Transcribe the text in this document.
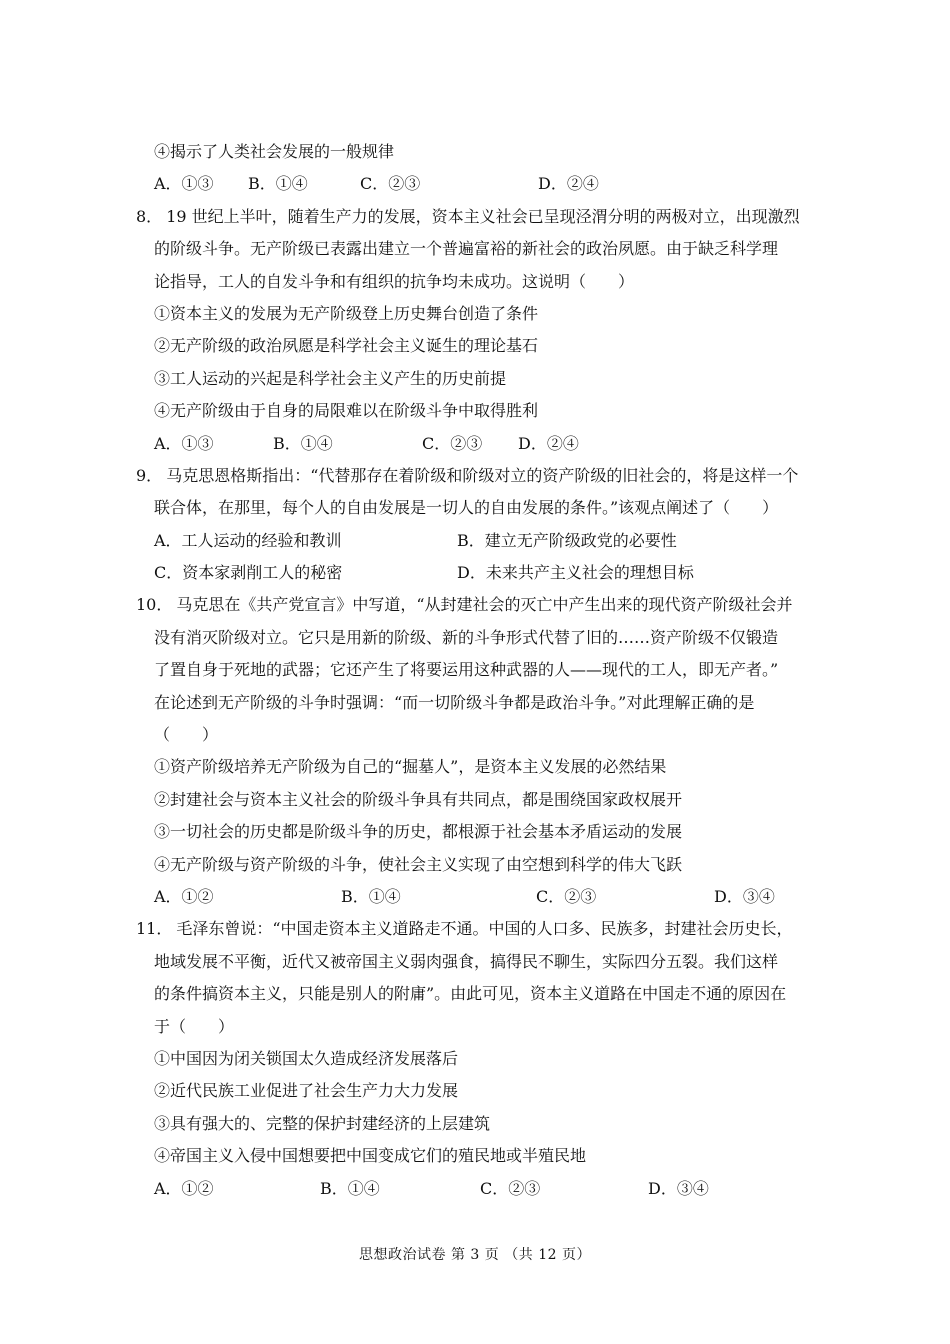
④揭示了人类社会发展的一般规律
A．①③ B．①④	C．②③	D．②④
8． 19 世纪上半叶，随着生产力的发展，资本主义社会已呈现泾渭分明的两极对立，出现激烈
的阶级斗争。无产阶级已表露出建立一个普遍富裕的新社会的政治夙愿。由于缺乏科学理
论指导，工人的自发斗争和有组织的抗争均未成功。这说明（　　）
①资本主义的发展为无产阶级登上历史舞台创造了条件
②无产阶级的政治夙愿是科学社会主义诞生的理论基石
③工人运动的兴起是科学社会主义产生的历史前提
④无产阶级由于自身的局限难以在阶级斗争中取得胜利
A．①③	B．①④	C．②③ D．②④
9． 马克思恩格斯指出：“代替那存在着阶级和阶级对立的资产阶级的旧社会的，将是这样一个
联合体，在那里，每个人的自由发展是一切人的自由发展的条件。”该观点阐述了（　　）
A．工人运动的经验和教训	B．建立无产阶级政党的必要性
C．资本家剥削工人的秘密	D．未来共产主义社会的理想目标
10． 马克思在《共产党宣言》中写道，“从封建社会的灭亡中产生出来的现代资产阶级社会并
没有消灭阶级对立。它只是用新的阶级、新的斗争形式代替了旧的……资产阶级不仅锻造
了置自身于死地的武器；它还产生了将要运用这种武器的人——现代的工人，即无产者。”
在论述到无产阶级的斗争时强调：“而一切阶级斗争都是政治斗争。”对此理解正确的是
（　　）
①资产阶级培养无产阶级为自己的“掘墓人”，是资本主义发展的必然结果
②封建社会与资本主义社会的阶级斗争具有共同点，都是围绕国家政权展开
③一切社会的历史都是阶级斗争的历史，都根源于社会基本矛盾运动的发展
④无产阶级与资产阶级的斗争，使社会主义实现了由空想到科学的伟大飞跃
A．①②	B．①④	C．②③	D．③④
11． 毛泽东曾说：“中国走资本主义道路走不通。中国的人口多、民族多，封建社会历史长，
地域发展不平衡，近代又被帝国主义弱肉强食，搞得民不聊生，实际四分五裂。我们这样
的条件搞资本主义，只能是别人的附庸”。由此可见，资本主义道路在中国走不通的原因在
于（　　）
①中国因为闭关锁国太久造成经济发展落后
②近代民族工业促进了社会生产力大力发展
③具有强大的、完整的保护封建经济的上层建筑
④帝国主义入侵中国想要把中国变成它们的殖民地或半殖民地
A．①②	B．①④	C．②③	D．③④
思想政治试卷 第 3 页 （共 12 页）
